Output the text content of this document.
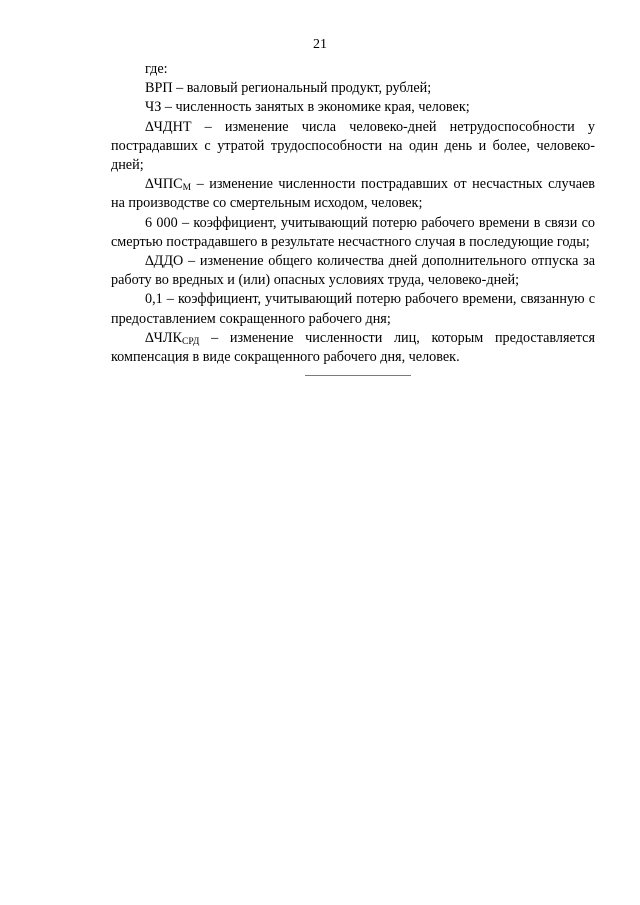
21

где:

ВРП – валовый региональный продукт, рублей;

ЧЗ – численность занятых в экономике края, человек;

∆ЧДНТ – изменение числа человеко-дней нетрудоспособности у пострадавших с утратой трудоспособности на один день и более, человеко-дней;

$\Delta ЧПС_М$ – изменение численности пострадавших от несчастных случаев на производстве со смертельным исходом, человек;

6 000 – коэффициент, учитывающий потерю рабочего времени в связи со смертью пострадавшего в результате несчастного случая в последующие годы;

∆ДДО – изменение общего количества дней дополнительного отпуска за работу во вредных и (или) опасных условиях труда, человеко-дней;

0,1 – коэффициент, учитывающий потерю рабочего времени, связанную с предоставлением сокращенного рабочего дня;

$\Delta ЧЛК_{СРД}$ – изменение численности лиц, которым предоставляется компенсация в виде сокращенного рабочего дня, человек.
